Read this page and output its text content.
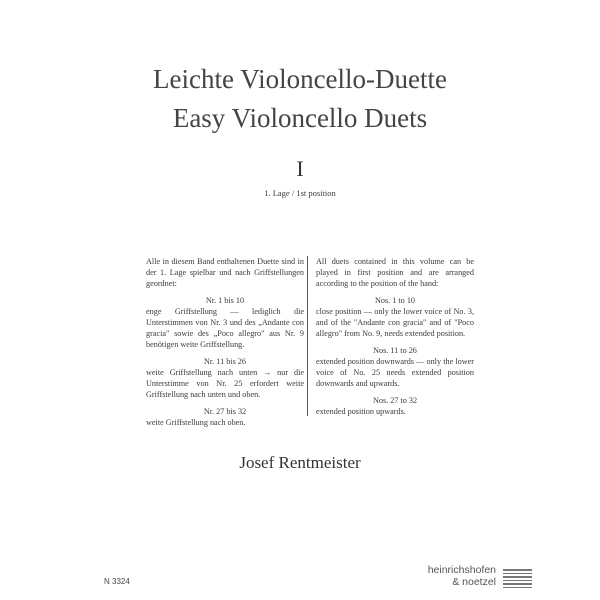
Leichte Violoncello-Duette
Easy Violoncello Duets
I
1. Lage / 1st position

Alle in diesem Band enthaltenen Duette sind in der 1. Lage spielbar und nach Griffstellungen geordnet:

Nr. 1 bis 10

enge Griffstellung — lediglich die Unterstimmen von Nr. 3 und des „Andante con gracia" sowie des „Poco allegro" aus Nr. 9 benötigen weite Griffstellung.

Nr. 11 bis 26

weite Griffstellung nach unten → nur die Unterstimme von Nr. 25 erfordert weite Griffstellung nach unten und oben.

Nr. 27 bis 32

weite Griffstellung nach oben.

All duets contained in this volume can be played in first position and are arranged according to the position of the hand:

Nos. 1 to 10

close position — only the lower voice of No. 3, and of the "Andante con gracia" and of "Poco allegro" from No. 9, needs extended position.

Nos. 11 to 26

extended position downwards — only the lower voice of No. 25 needs extended position downwards and upwards.

Nos. 27 to 32

extended position upwards.

Josef Rentmeister
N 3324
heinrichshofen
& noetzel
